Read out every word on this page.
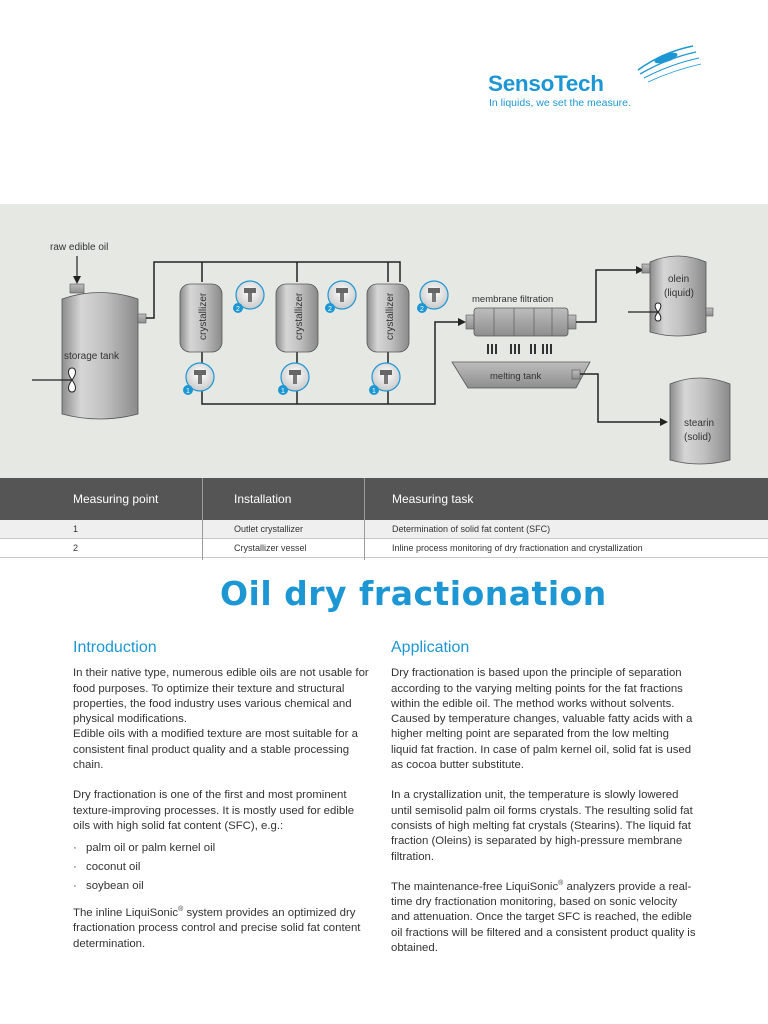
SensoTech
In liquids, we set the measure.
raw edible oil
storage tank
crystallizer	crystallizer	crystallizer
2	2	2
1	1	1
membrane filtration
melting tank
olein
(liquid)
stearin
(solid)
Measuring point	Installation	Measuring task
1	Outlet crystallizer	Determination of solid fat content (SFC)
2	Crystallizer vessel	Inline process monitoring of dry fractionation and crystallization
Oil dry fractionation
Introduction

In their native type, numerous edible oils are not usable for food purposes. To optimize their texture and structural properties, the food industry uses various chemical and physical modifications.

Edible oils with a modified texture are most suitable for a consistent final product quality and a stable processing chain.

Dry fractionation is one of the first and most prominent texture-improving processes. It is mostly used for edible oils with high solid fat content (SFC), e.g.:

· palm oil or palm kernel oil
· coconut oil
· soybean oil

The inline LiquiSonic® system provides an optimized dry fractionation process control and precise solid fat content determination.

Application

Dry fractionation is based upon the principle of separation according to the varying melting points for the fat fractions within the edible oil. The method works without solvents. Caused by temperature changes, valuable fatty acids with a higher melting point are separated from the low melting liquid fat fraction. In case of palm kernel oil, solid fat is used as cocoa butter substitute.

In a crystallization unit, the temperature is slowly lowered until semisolid palm oil forms crystals. The resulting solid fat consists of high melting fat crystals (Stearins). The liquid fat fraction (Oleins) is separated by high-pressure membrane filtration.

The maintenance-free LiquiSonic® analyzers provide a real-time dry fractionation monitoring, based on sonic velocity and attenuation. Once the target SFC is reached, the edible oil fractions will be filtered and a consistent product quality is obtained.
